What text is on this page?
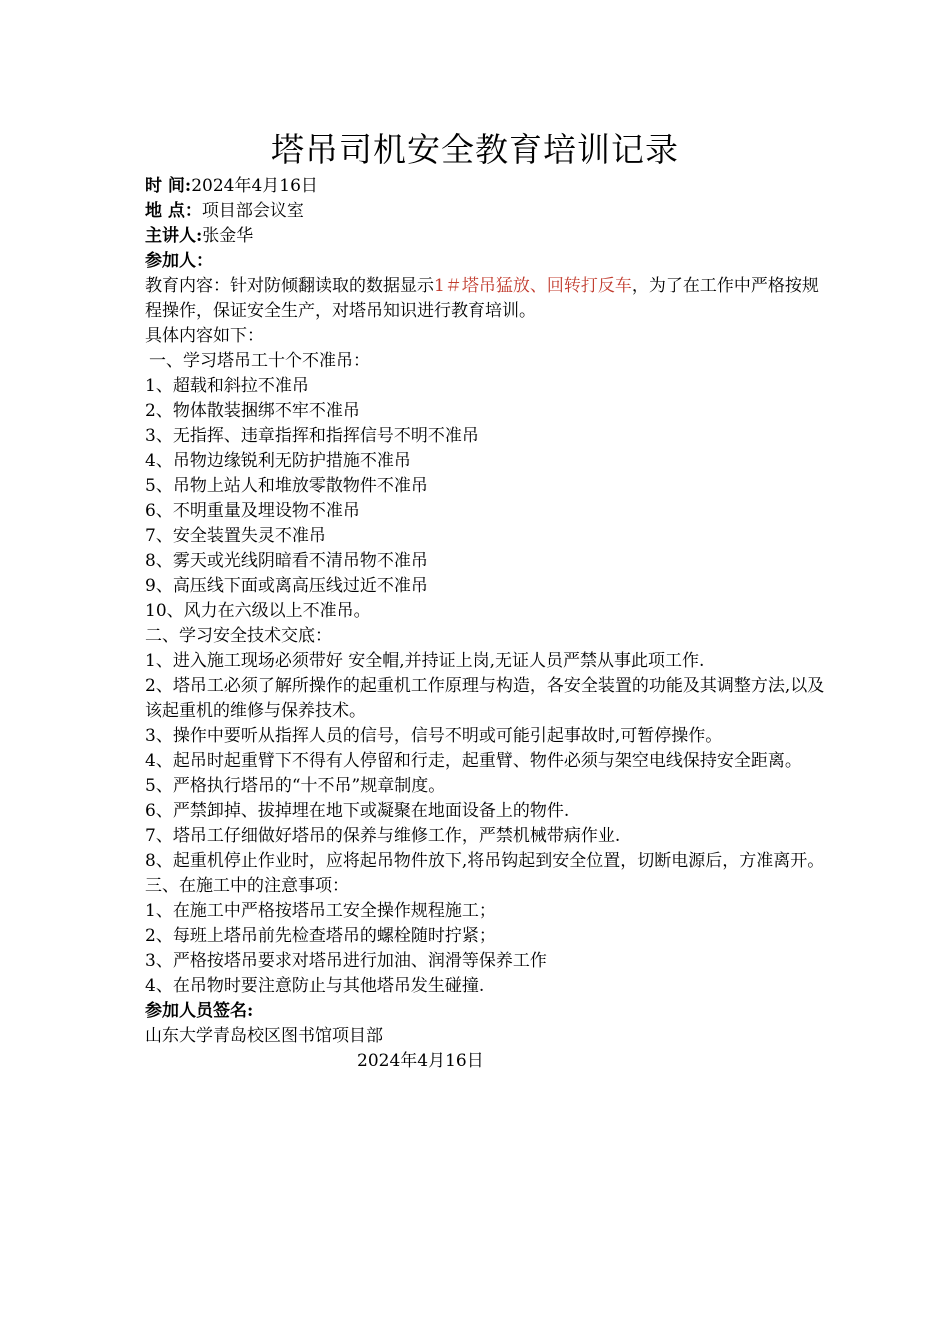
塔吊司机安全教育培训记录
时 间:2024年4月16日
地 点：项目部会议室
主讲人:张金华
参加人：
教育内容：针对防倾翻读取的数据显示1＃塔吊猛放、回转打反车，为了在工作中严格按规程操作，保证安全生产，对塔吊知识进行教育培训。
具体内容如下：
一、学习塔吊工十个不准吊：
1、超载和斜拉不准吊
2、物体散装捆绑不牢不准吊
3、无指挥、违章指挥和指挥信号不明不准吊
4、吊物边缘锐利无防护措施不准吊
5、吊物上站人和堆放零散物件不准吊
6、不明重量及埋设物不准吊
7、安全装置失灵不准吊
8、雾天或光线阴暗看不清吊物不准吊
9、高压线下面或离高压线过近不准吊
10、风力在六级以上不准吊。
二、学习安全技术交底：
1、进入施工现场必须带好 安全帽,并持证上岗,无证人员严禁从事此项工作.
2、塔吊工必须了解所操作的起重机工作原理与构造，各安全装置的功能及其调整方法,以及该起重机的维修与保养技术。
3、操作中要听从指挥人员的信号，信号不明或可能引起事故时,可暂停操作。
4、起吊时起重臂下不得有人停留和行走，起重臂、物件必须与架空电线保持安全距离。
5、严格执行塔吊的“十不吊”规章制度。
6、严禁卸掉、拔掉埋在地下或凝聚在地面设备上的物件.
7、塔吊工仔细做好塔吊的保养与维修工作，严禁机械带病作业.
8、起重机停止作业时，应将起吊物件放下,将吊钩起到安全位置，切断电源后，方准离开。
三、在施工中的注意事项：
1、在施工中严格按塔吊工安全操作规程施工；
2、每班上塔吊前先检查塔吊的螺栓随时拧紧；
3、严格按塔吊要求对塔吊进行加油、润滑等保养工作
4、在吊物时要注意防止与其他塔吊发生碰撞.
参加人员签名:
山东大学青岛校区图书馆项目部
2024年4月16日
